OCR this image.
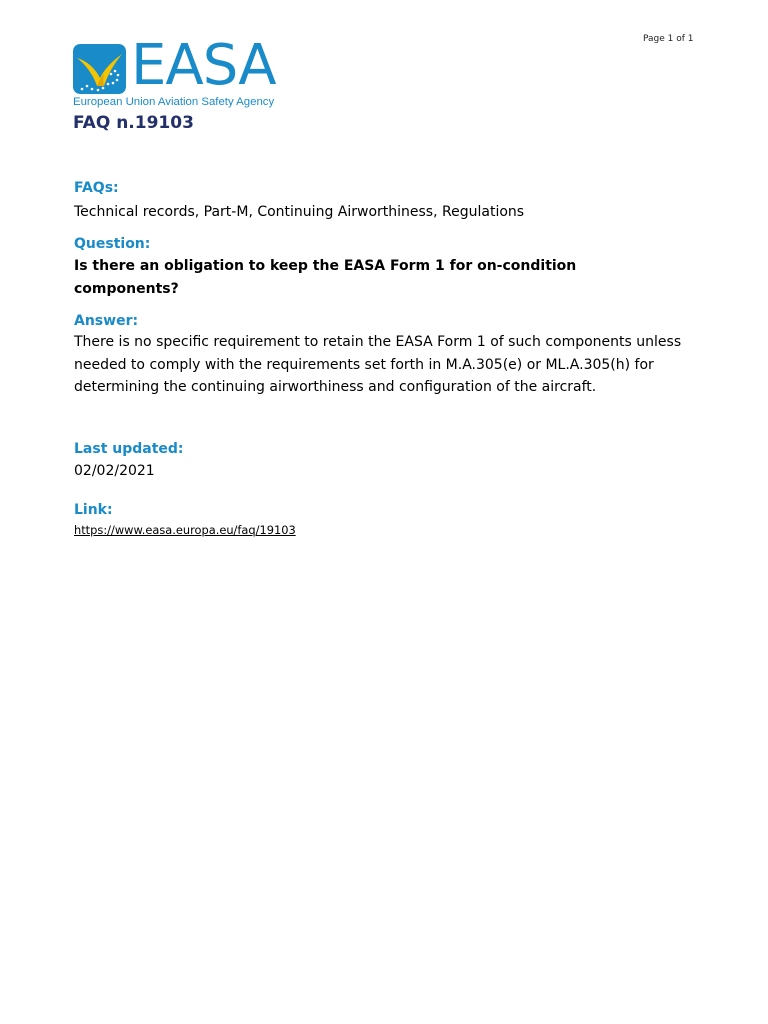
Page 1 of 1
EASA
European Union Aviation Safety Agency
FAQ n.19103
FAQs:
Technical records , Part-M , Continuing Airworthiness , Regulations
Question:
Is there an obligation to keep the EASA Form 1 for on-condition components?
Answer:
There is no specific requirement to retain the EASA Form 1 of such components unless needed to comply with the requirements set forth in M.A.305(e) or ML.A.305(h) for determining the continuing airworthiness and configuration of the aircraft.
Last updated:
02/02/2021
Link:
https://www.easa.europa.eu/faq/19103
